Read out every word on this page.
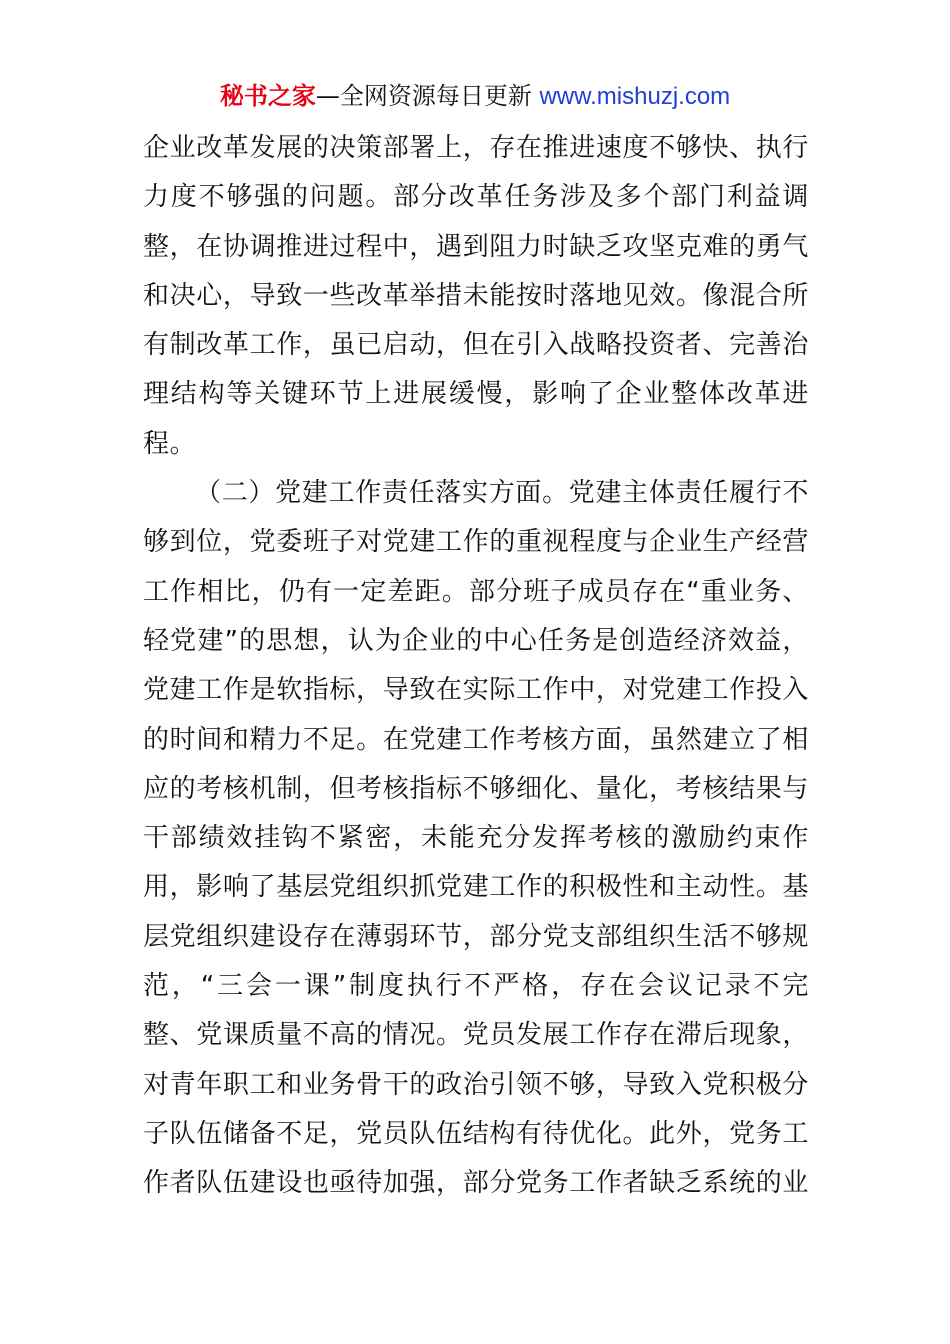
秘书之家—全网资源每日更新 www.mishuzj.com
企业改革发展的决策部署上，存在推进速度不够快、执行
力度不够强的问题。部分改革任务涉及多个部门利益调
整，在协调推进过程中，遇到阻力时缺乏攻坚克难的勇气
和决心，导致一些改革举措未能按时落地见效。像混合所
有制改革工作，虽已启动，但在引入战略投资者、完善治
理结构等关键环节上进展缓慢，影响了企业整体改革进
程。
（二）党建工作责任落实方面。党建主体责任履行不
够到位，党委班子对党建工作的重视程度与企业生产经营
工作相比，仍有一定差距。部分班子成员存在“重业务、
轻党建”的思想，认为企业的中心任务是创造经济效益，
党建工作是软指标，导致在实际工作中，对党建工作投入
的时间和精力不足。在党建工作考核方面，虽然建立了相
应的考核机制，但考核指标不够细化、量化，考核结果与
干部绩效挂钩不紧密，未能充分发挥考核的激励约束作
用，影响了基层党组织抓党建工作的积极性和主动性。基
层党组织建设存在薄弱环节，部分党支部组织生活不够规
范，“三会一课”制度执行不严格，存在会议记录不完
整、党课质量不高的情况。党员发展工作存在滞后现象，
对青年职工和业务骨干的政治引领不够，导致入党积极分
子队伍储备不足，党员队伍结构有待优化。此外，党务工
作者队伍建设也亟待加强，部分党务工作者缺乏系统的业
